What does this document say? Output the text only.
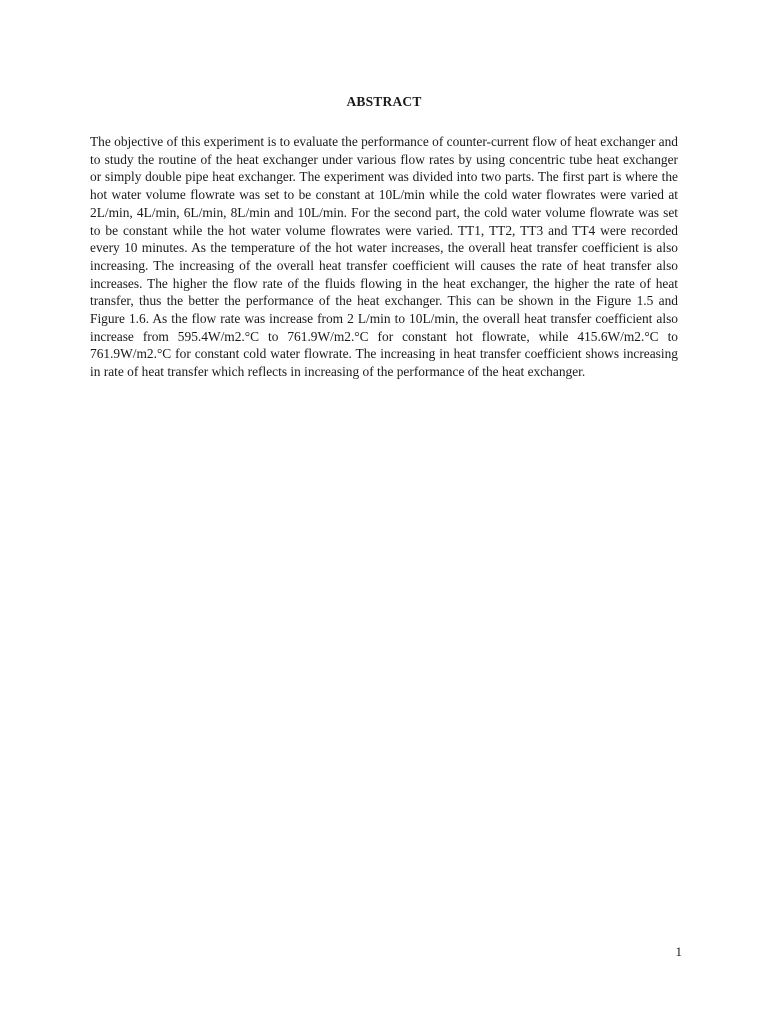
ABSTRACT

The objective of this experiment is to evaluate the performance of counter-current flow of heat exchanger and to study the routine of the heat exchanger under various flow rates by using concentric tube heat exchanger or simply double pipe heat exchanger. The experiment was divided into two parts. The first part is where the hot water volume flowrate was set to be constant at 10L/min while the cold water flowrates were varied at 2L/min, 4L/min, 6L/min, 8L/min and 10L/min. For the second part, the cold water volume flowrate was set to be constant while the hot water volume flowrates were varied. TT1, TT2, TT3 and TT4 were recorded every 10 minutes. As the temperature of the hot water increases, the overall heat transfer coefficient is also increasing. The increasing of the overall heat transfer coefficient will causes the rate of heat transfer also increases. The higher the flow rate of the fluids flowing in the heat exchanger, the higher the rate of heat transfer, thus the better the performance of the heat exchanger. This can be shown in the Figure 1.5 and Figure 1.6. As the flow rate was increase from 2 L/min to 10L/min, the overall heat transfer coefficient also increase from 595.4W/m2.°C to 761.9W/m2.°C for constant hot flowrate, while 415.6W/m2.°C to 761.9W/m2.°C for constant cold water flowrate. The increasing in heat transfer coefficient shows increasing in rate of heat transfer which reflects in increasing of the performance of the heat exchanger.

1
